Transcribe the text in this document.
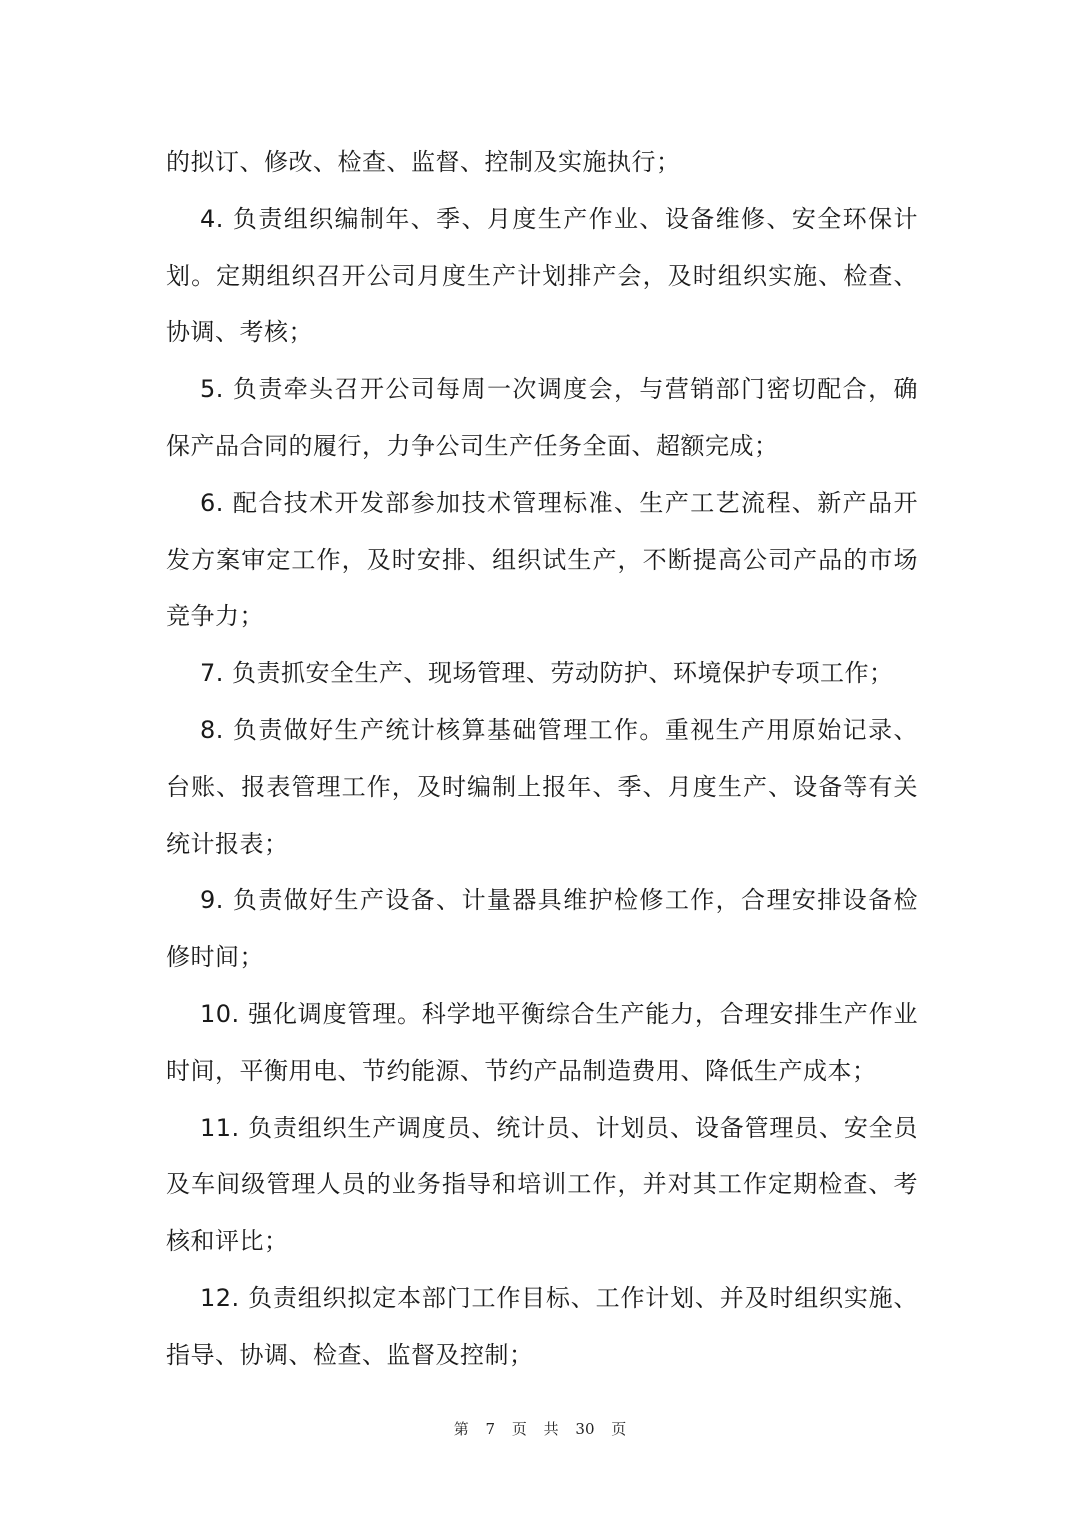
的拟订、修改、检查、监督、控制及实施执行；

4. 负责组织编制年、季、月度生产作业、设备维修、安全环保计划。定期组织召开公司月度生产计划排产会，及时组织实施、检查、协调、考核；

5. 负责牵头召开公司每周一次调度会，与营销部门密切配合，确保产品合同的履行，力争公司生产任务全面、超额完成；

6. 配合技术开发部参加技术管理标准、生产工艺流程、新产品开发方案审定工作，及时安排、组织试生产，不断提高公司产品的市场竞争力；

7. 负责抓安全生产、现场管理、劳动防护、环境保护专项工作；

8. 负责做好生产统计核算基础管理工作。重视生产用原始记录、台账、报表管理工作，及时编制上报年、季、月度生产、设备等有关统计报表；

9. 负责做好生产设备、计量器具维护检修工作，合理安排设备检修时间；

10. 强化调度管理。科学地平衡综合生产能力，合理安排生产作业时间，平衡用电、节约能源、节约产品制造费用、降低生产成本；

11. 负责组织生产调度员、统计员、计划员、设备管理员、安全员及车间级管理人员的业务指导和培训工作，并对其工作定期检查、考核和评比；

12. 负责组织拟定本部门工作目标、工作计划、并及时组织实施、指导、协调、检查、监督及控制；

第 7 页 共 30 页
